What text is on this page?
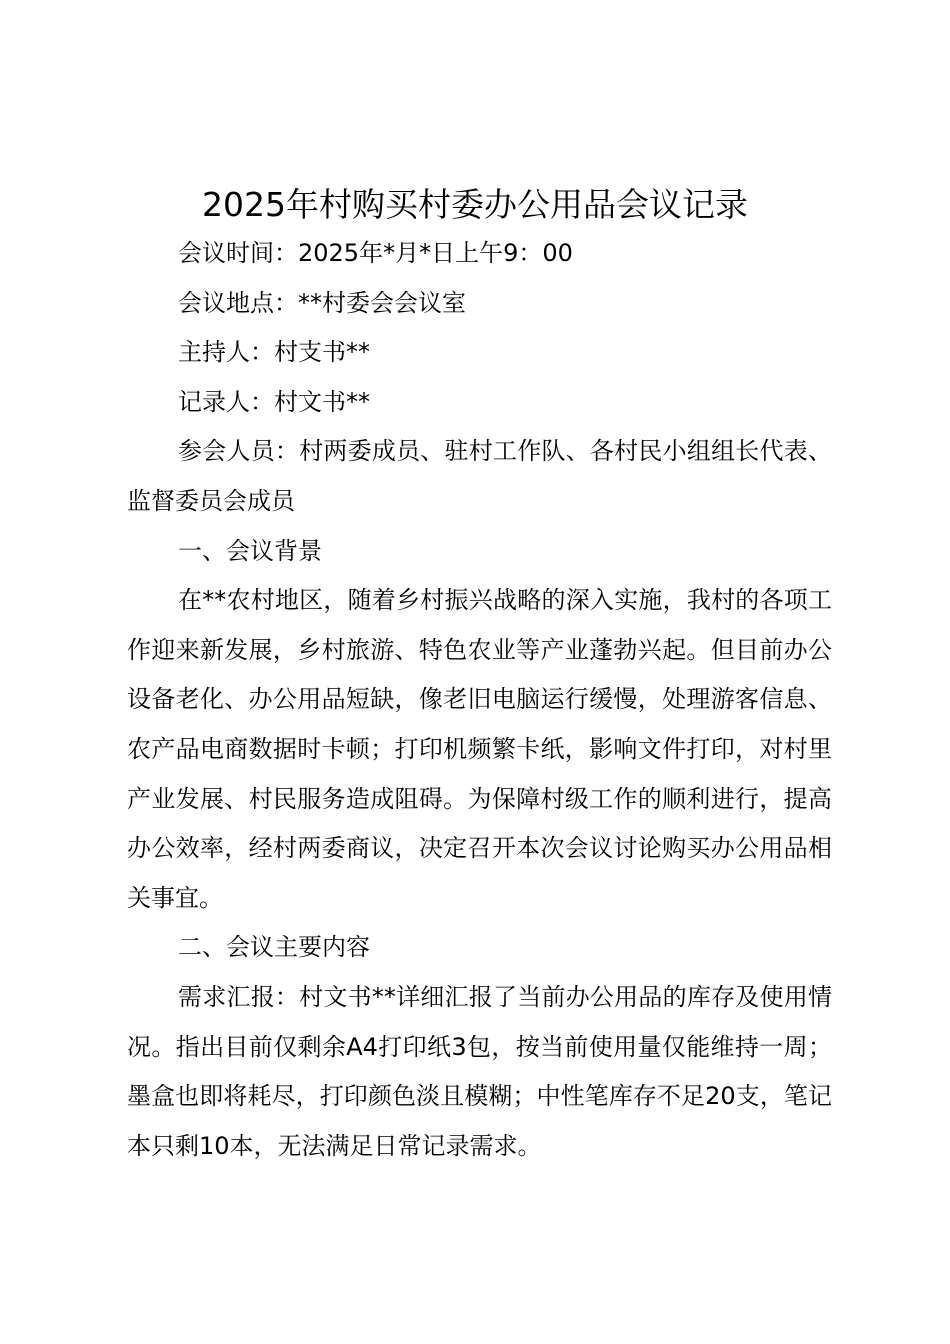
2025年村购买村委办公用品会议记录

会议时间：2025年*月*日上午9：00

会议地点：**村委会会议室

主持人：村支书**

记录人：村文书**

参会人员：村两委成员、驻村工作队、各村民小组组长代表、监督委员会成员

一、会议背景

在**农村地区，随着乡村振兴战略的深入实施，我村的各项工作迎来新发展，乡村旅游、特色农业等产业蓬勃兴起。但目前办公设备老化、办公用品短缺，像老旧电脑运行缓慢，处理游客信息、农产品电商数据时卡顿；打印机频繁卡纸，影响文件打印，对村里产业发展、村民服务造成阻碍。为保障村级工作的顺利进行，提高办公效率，经村两委商议，决定召开本次会议讨论购买办公用品相关事宜。

二、会议主要内容

需求汇报：村文书**详细汇报了当前办公用品的库存及使用情况。指出目前仅剩余A4打印纸3包，按当前使用量仅能维持一周；墨盒也即将耗尽，打印颜色淡且模糊；中性笔库存不足20支，笔记本只剩10本，无法满足日常记录需求。
